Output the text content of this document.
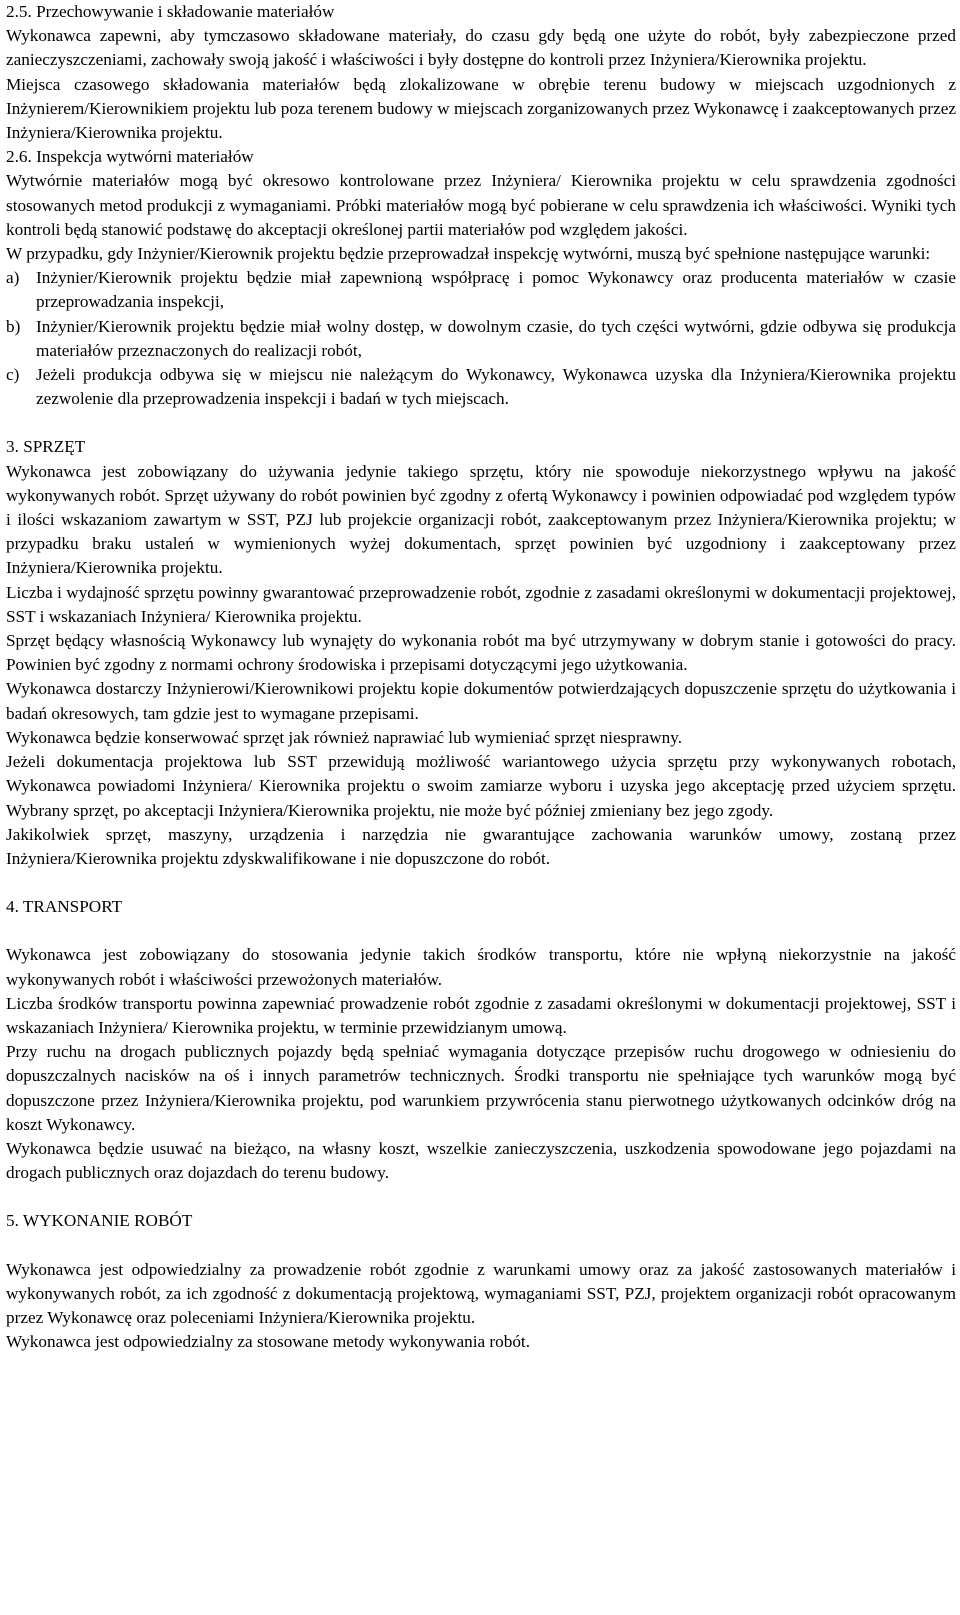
2.5. Przechowywanie i składowanie materiałów

Wykonawca zapewni, aby tymczasowo składowane materiały, do czasu gdy będą one użyte do robót, były zabezpieczone przed zanieczyszczeniami, zachowały swoją jakość i właściwości i były dostępne do kontroli przez Inżyniera/Kierownika projektu.

Miejsca czasowego składowania materiałów będą zlokalizowane w obrębie terenu budowy w miejscach uzgodnionych z Inżynierem/Kierownikiem projektu lub poza terenem budowy w miejscach zorganizowanych przez Wykonawcę i zaakceptowanych przez Inżyniera/Kierownika projektu.

2.6. Inspekcja wytwórni materiałów

Wytwórnie materiałów mogą być okresowo kontrolowane przez Inżyniera/ Kierownika projektu w celu sprawdzenia zgodności stosowanych metod produkcji z wymaganiami. Próbki materiałów mogą być pobierane w celu sprawdzenia ich właściwości. Wyniki tych kontroli będą stanowić podstawę do akceptacji określonej partii materiałów pod względem jakości.

W przypadku, gdy Inżynier/Kierownik projektu będzie przeprowadzał inspekcję wytwórni, muszą być spełnione następujące warunki:

a) Inżynier/Kierownik projektu będzie miał zapewnioną współpracę i pomoc Wykonawcy oraz producenta materiałów w czasie przeprowadzania inspekcji,
b) Inżynier/Kierownik projektu będzie miał wolny dostęp, w dowolnym czasie, do tych części wytwórni, gdzie odbywa się produkcja materiałów przeznaczonych do realizacji robót,
c) Jeżeli produkcja odbywa się w miejscu nie należącym do Wykonawcy, Wykonawca uzyska dla Inżyniera/Kierownika projektu zezwolenie dla przeprowadzenia inspekcji i badań w tych miejscach.

3. SPRZĘT

Wykonawca jest zobowiązany do używania jedynie takiego sprzętu, który nie spowoduje niekorzystnego wpływu na jakość wykonywanych robót. Sprzęt używany do robót powinien być zgodny z ofertą Wykonawcy i powinien odpowiadać pod względem typów i ilości wskazaniom zawartym w SST, PZJ lub projekcie organizacji robót, zaakceptowanym przez Inżyniera/Kierownika projektu; w przypadku braku ustaleń w wymienionych wyżej dokumentach, sprzęt powinien być uzgodniony i zaakceptowany przez Inżyniera/Kierownika projektu.

Liczba i wydajność sprzętu powinny gwarantować przeprowadzenie robót, zgodnie z zasadami określonymi w dokumentacji projektowej, SST i wskazaniach Inżyniera/ Kierownika projektu.

Sprzęt będący własnością Wykonawcy lub wynajęty do wykonania robót ma być utrzymywany w dobrym stanie i gotowości do pracy. Powinien być zgodny z normami ochrony środowiska i przepisami dotyczącymi jego użytkowania.

Wykonawca dostarczy Inżynierowi/Kierownikowi projektu kopie dokumentów potwierdzających dopuszczenie sprzętu do użytkowania i badań okresowych, tam gdzie jest to wymagane przepisami.

Wykonawca będzie konserwować sprzęt jak również naprawiać lub wymieniać sprzęt niesprawny.

Jeżeli dokumentacja projektowa lub SST przewidują możliwość wariantowego użycia sprzętu przy wykonywanych robotach, Wykonawca powiadomi Inżyniera/ Kierownika projektu o swoim zamiarze wyboru i uzyska jego akceptację przed użyciem sprzętu. Wybrany sprzęt, po akceptacji Inżyniera/Kierownika projektu, nie może być później zmieniany bez jego zgody.

Jakikolwiek sprzęt, maszyny, urządzenia i narzędzia nie gwarantujące zachowania warunków umowy, zostaną przez Inżyniera/Kierownika projektu zdyskwalifikowane i nie dopuszczone do robót.

4. TRANSPORT

Wykonawca jest zobowiązany do stosowania jedynie takich środków transportu, które nie wpłyną niekorzystnie na jakość wykonywanych robót i właściwości przewożonych materiałów.

Liczba środków transportu powinna zapewniać prowadzenie robót zgodnie z zasadami określonymi w dokumentacji projektowej, SST i wskazaniach Inżyniera/ Kierownika projektu, w terminie przewidzianym umową.

Przy ruchu na drogach publicznych pojazdy będą spełniać wymagania dotyczące przepisów ruchu drogowego w odniesieniu do dopuszczalnych nacisków na oś i innych parametrów technicznych. Środki transportu nie spełniające tych warunków mogą być dopuszczone przez Inżyniera/Kierownika projektu, pod warunkiem przywrócenia stanu pierwotnego użytkowanych odcinków dróg na koszt Wykonawcy.

Wykonawca będzie usuwać na bieżąco, na własny koszt, wszelkie zanieczyszczenia, uszkodzenia spowodowane jego pojazdami na drogach publicznych oraz dojazdach do terenu budowy.

5. WYKONANIE ROBÓT

Wykonawca jest odpowiedzialny za prowadzenie robót zgodnie z warunkami umowy oraz za jakość zastosowanych materiałów i wykonywanych robót, za ich zgodność z dokumentacją projektową, wymaganiami SST, PZJ, projektem organizacji robót opracowanym przez Wykonawcę oraz poleceniami Inżyniera/Kierownika projektu.

Wykonawca jest odpowiedzialny za stosowane metody wykonywania robót.
